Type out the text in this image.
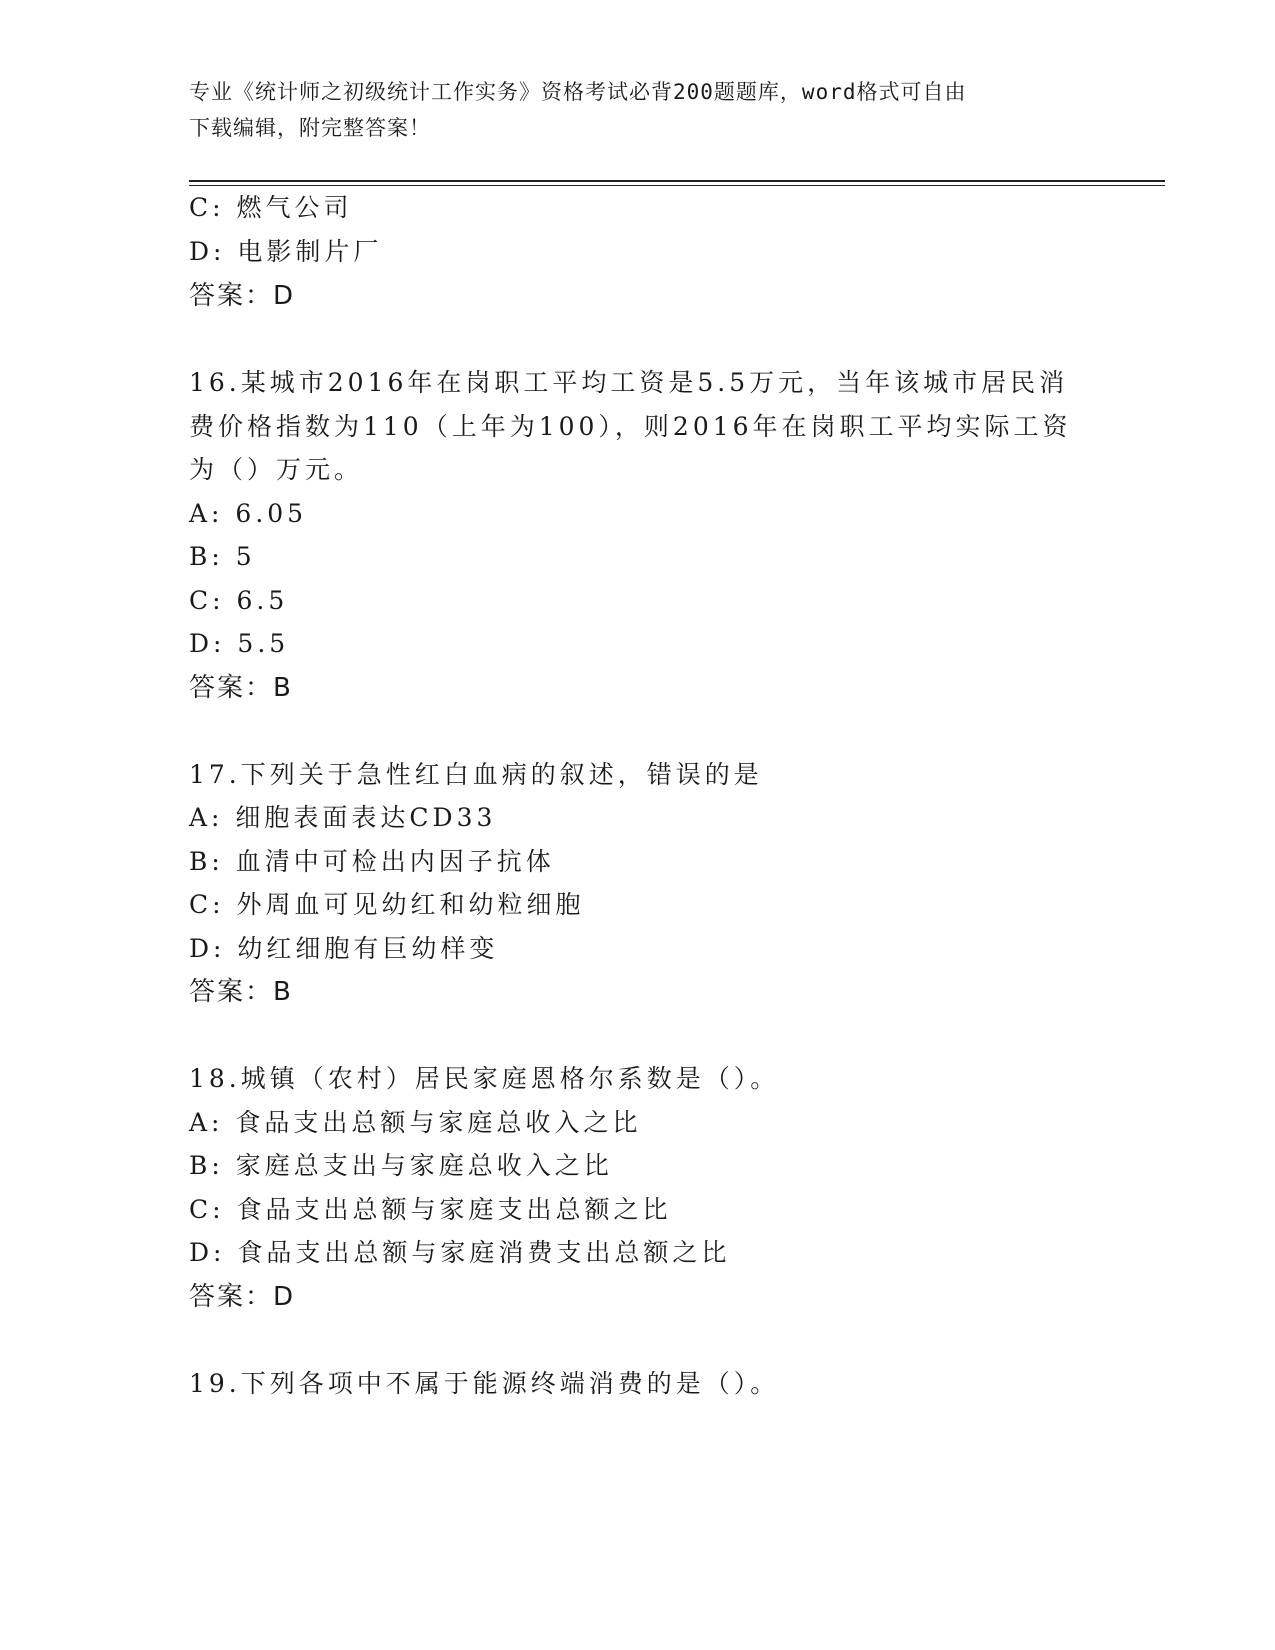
专业《统计师之初级统计工作实务》资格考试必背200题题库，word格式可自由
下载编辑，附完整答案！
C: 燃气公司
D: 电影制片厂
答案：D
16.某城市2016年在岗职工平均工资是5.5万元，当年该城市居民消
费价格指数为110（上年为100），则2016年在岗职工平均实际工资
为（）万元。
A: 6.05
B: 5
C: 6.5
D: 5.5
答案：B
17.下列关于急性红白血病的叙述，错误的是
A: 细胞表面表达CD33
B: 血清中可检出内因子抗体
C: 外周血可见幼红和幼粒细胞
D: 幼红细胞有巨幼样变
答案：B
18.城镇（农村）居民家庭恩格尔系数是（）。
A: 食品支出总额与家庭总收入之比
B: 家庭总支出与家庭总收入之比
C: 食品支出总额与家庭支出总额之比
D: 食品支出总额与家庭消费支出总额之比
答案：D
19.下列各项中不属于能源终端消费的是（）。
